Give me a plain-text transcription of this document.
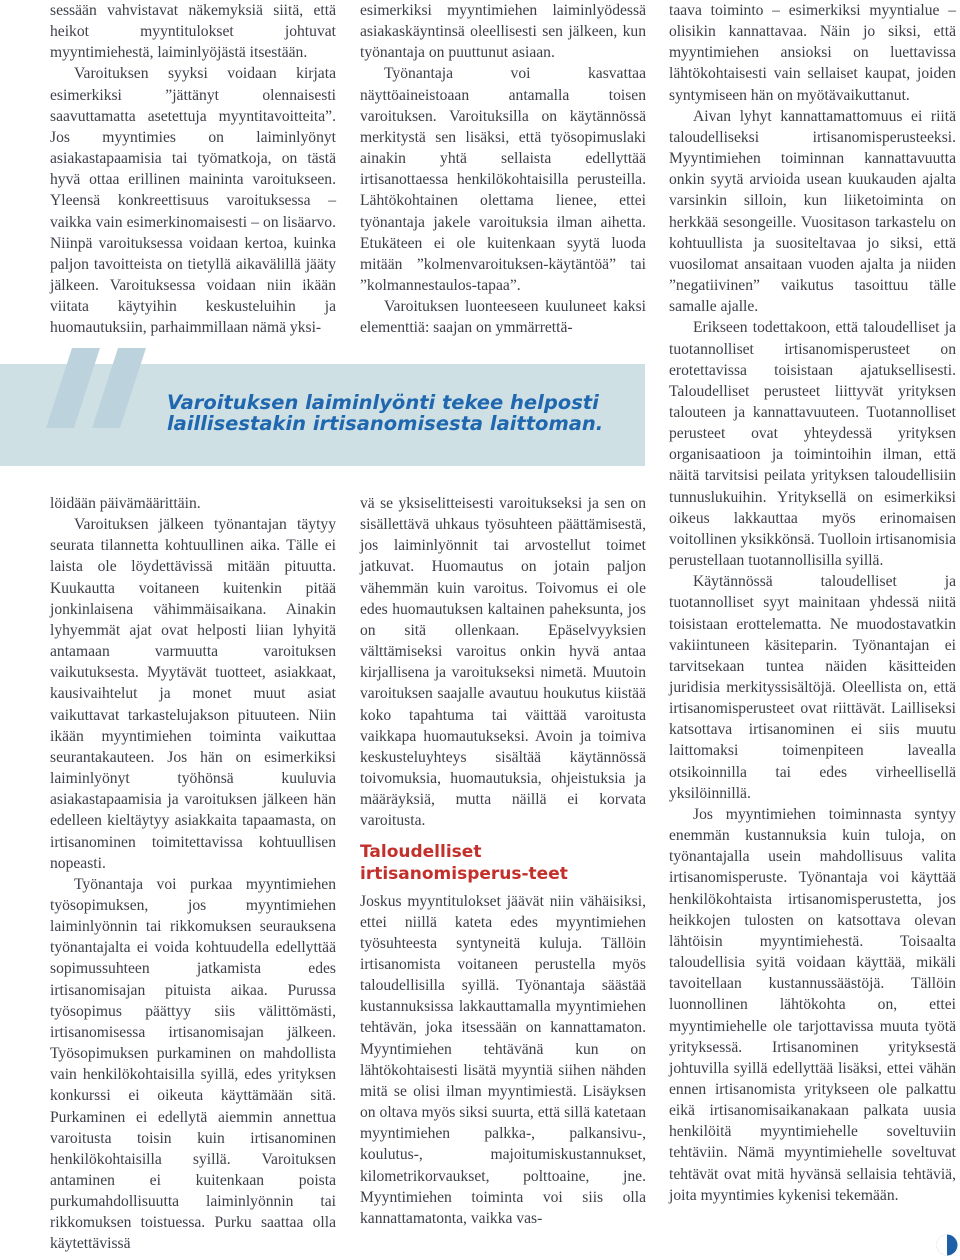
Varoituksen laiminlyönti tekee helposti
laillisestakin irtisanomisesta laittoman.

sessään vahvistavat näkemyksiä siitä, että heikot myyntitulokset johtuvat myyntimiehestä, laiminlyöjästä itsestään.

Varoituksen syyksi voidaan kirjata esimerkiksi ”jättänyt olennaisesti saavuttamatta asetettuja myyntitavoitteita”. Jos myyntimies on laiminlyönyt asiakastapaamisia tai työmatkoja, on tästä hyvä ottaa erillinen maininta varoitukseen. Yleensä konkreettisuus varoituksessa – vaikka vain esimerkinomaisesti – on lisäarvo. Niinpä varoituksessa voidaan kertoa, kuinka paljon tavoitteista on tietyllä aikavälillä jääty jälkeen. Varoituksessa voidaan niin ikään viitata käytyihin keskusteluihin ja huomautuksiin, parhaimmillaan nämä yksi-

esimerkiksi myyntimiehen laiminlyödessä asiakaskäyntinsä oleellisesti sen jälkeen, kun työnantaja on puuttunut asiaan.

Työnantaja voi kasvattaa näyttöaineistoaan antamalla toisen varoituksen. Varoituksilla on käytännössä merkitystä sen lisäksi, että työsopimuslaki ainakin yhtä sellaista edellyttää irtisanottaessa henkilökohtaisilla perusteilla. Lähtökohtainen olettama lienee, ettei työnantaja jakele varoituksia ilman aihetta. Etukäteen ei ole kuitenkaan syytä luoda mitään ”kolmenvaroituksen-käytäntöä” tai ”kolmannestaulos-tapaa”.

Varoituksen luonteeseen kuuluneet kaksi elementtiä: saajan on ymmärrettä-

löidään päivämäärittäin.

Varoituksen jälkeen työnantajan täytyy seurata tilannetta kohtuullinen aika. Tälle ei laista ole löydettävissä mitään pituutta. Kuukautta voitaneen kuitenkin pitää jonkinlaisena vähimmäisaikana. Ainakin lyhyemmät ajat ovat helposti liian lyhyitä antamaan varmuutta varoituksen vaikutuksesta. Myytävät tuotteet, asiakkaat, kausivaihtelut ja monet muut asiat vaikuttavat tarkastelujakson pituuteen. Niin ikään myyntimiehen toiminta vaikuttaa seurantakauteen. Jos hän on esimerkiksi laiminlyönyt työhönsä kuuluvia asiakastapaamisia ja varoituksen jälkeen hän edelleen kieltäytyy asiakkaita tapaamasta, on irtisanominen toimitettavissa kohtuullisen nopeasti.

Työnantaja voi purkaa myyntimiehen työsopimuksen, jos myyntimiehen laiminlyönnin tai rikkomuksen seurauksena työnantajalta ei voida kohtuudella edellyttää sopimussuhteen jatkamista edes irtisanomisajan pituista aikaa. Purussa työsopimus päättyy siis välittömästi, irtisanomisessa irtisanomisajan jälkeen. Työsopimuksen purkaminen on mahdollista vain henkilökohtaisilla syillä, edes yrityksen konkurssi ei oikeuta käyttämään sitä. Purkaminen ei edellytä aiemmin annettua varoitusta toisin kuin irtisanominen henkilökohtaisilla syillä. Varoituksen antaminen ei kuitenkaan poista purkumahdollisuutta laiminlyönnin tai rikkomuksen toistuessa. Purku saattaa olla käytettävissä

vä se yksiselitteisesti varoitukseksi ja sen on sisällettävä uhkaus työsuhteen päättämisestä, jos laiminlyönnit tai arvostellut toimet jatkuvat. Huomautus on jotain paljon vähemmän kuin varoitus. Toivomus ei ole edes huomautuksen kaltainen paheksunta, jos on sitä ollenkaan. Epäselvyyksien välttämiseksi varoitus onkin hyvä antaa kirjallisena ja varoitukseksi nimetä. Muutoin varoituksen saajalle avautuu houkutus kiistää koko tapahtuma tai väittää varoitusta vaikkapa huomautukseksi. Avoin ja toimiva keskusteluyhteys sisältää käytännössä toivomuksia, huomautuksia, ohjeistuksia ja määräyksiä, mutta näillä ei korvata varoitusta.

Taloudelliset irtisanomisperus-teet

Joskus myyntitulokset jäävät niin vähäisiksi, ettei niillä kateta edes myyntimiehen työsuhteesta syntyneitä kuluja. Tällöin irtisanomista voitaneen perustella myös taloudellisilla syillä. Työnantaja säästää kustannuksissa lakkauttamalla myyntimiehen tehtävän, joka itsessään on kannattamaton. Myyntimiehen tehtävänä kun on lähtökohtaisesti lisätä myyntiä siihen nähden mitä se olisi ilman myyntimiestä. Lisäyksen on oltava myös siksi suurta, että sillä katetaan myyntimiehen palkka-, palkansivu-, koulutus-, majoitumiskustannukset, kilometrikorvaukset, polttoaine, jne. Myyntimiehen toiminta voi siis olla kannattamatonta, vaikka vas-

taava toiminto – esimerkiksi myyntialue – olisikin kannattavaa. Näin jo siksi, että myyntimiehen ansioksi on luettavissa lähtökohtaisesti vain sellaiset kaupat, joiden syntymiseen hän on myötävaikuttanut.

Aivan lyhyt kannattamattomuus ei riitä taloudelliseksi irtisanomisperusteeksi. Myyntimiehen toiminnan kannattavuutta onkin syytä arvioida usean kuukauden ajalta varsinkin silloin, kun liiketoiminta on herkkää sesongeille. Vuositason tarkastelu on kohtuullista ja suositeltavaa jo siksi, että vuosilomat ansaitaan vuoden ajalta ja niiden ”negatiivinen” vaikutus tasoittuu tälle samalle ajalle.

Erikseen todettakoon, että taloudelliset ja tuotannolliset irtisanomisperusteet on erotettavissa toisistaan ajatuksellisesti. Taloudelliset perusteet liittyvät yrityksen talouteen ja kannattavuuteen. Tuotannolliset perusteet ovat yhteydessä yrityksen organisaatioon ja toimintoihin ilman, että näitä tarvitsisi peilata yrityksen taloudellisiin tunnuslukuihin. Yrityksellä on esimerkiksi oikeus lakkauttaa myös erinomaisen voitollinen yksikkönsä. Tuolloin irtisanomisia perustellaan tuotannollisilla syillä.

Käytännössä taloudelliset ja tuotannolliset syyt mainitaan yhdessä niitä toisistaan erottelematta. Ne muodostavatkin vakiintuneen käsiteparin. Työnantajan ei tarvitsekaan tuntea näiden käsitteiden juridisia merkityssisältöjä. Oleellista on, että irtisanomisperusteet ovat riittävät. Lailliseksi katsottava irtisanominen ei siis muutu laittomaksi toimenpiteen lavealla otsikoinnilla tai edes virheellisellä yksilöinnillä.

Jos myyntimiehen toiminnasta syntyy enemmän kustannuksia kuin tuloja, on työnantajalla usein mahdollisuus valita irtisanomisperuste. Työnantaja voi käyttää henkilökohtaista irtisanomisperustetta, jos heikkojen tulosten on katsottava olevan lähtöisin myyntimiehestä. Toisaalta taloudellisia syitä voidaan käyttää, mikäli tavoitellaan kustannussäästöjä. Tällöin luonnollinen lähtökohta on, ettei myyntimiehelle ole tarjottavissa muuta työtä yrityksessä. Irtisanominen yrityksestä johtuvilla syillä edellyttää lisäksi, ettei vähän ennen irtisanomista yritykseen ole palkattu eikä irtisanomisaikanakaan palkata uusia henkilöitä myyntimiehelle soveltuviin tehtäviin. Nämä myyntimiehelle soveltuvat tehtävät ovat mitä hyvänsä sellaisia tehtäviä, joita myyntimies kykenisi tekemään.
